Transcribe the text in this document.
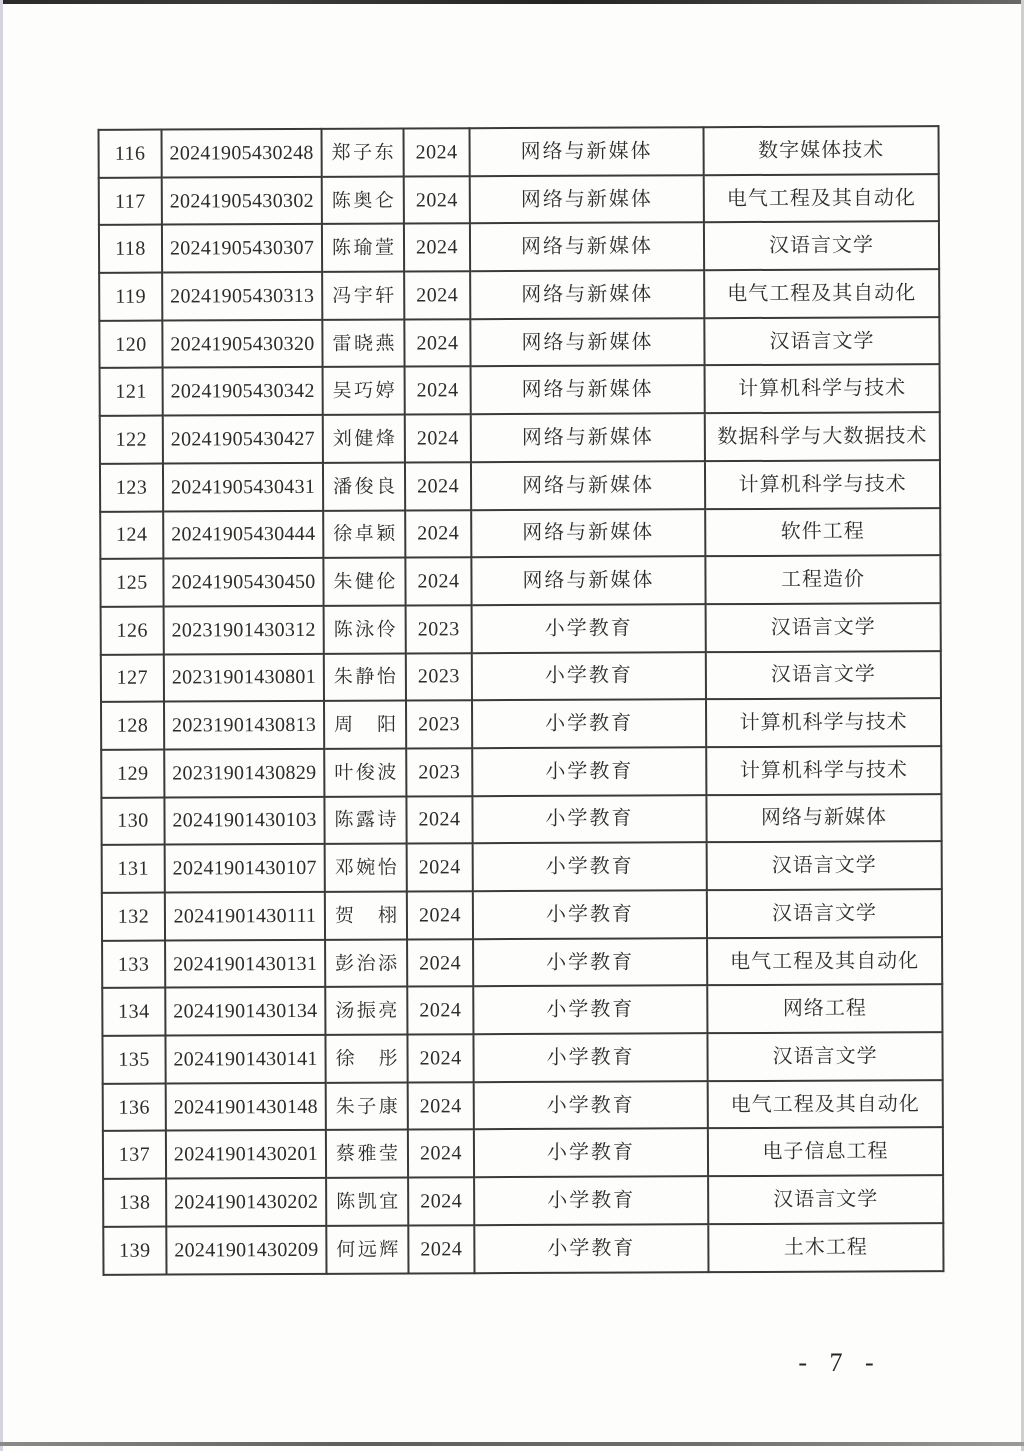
116	20241905430248	郑子东	2024	网络与新媒体	数字媒体技术
117	20241905430302	陈奥仑	2024	网络与新媒体	电气工程及其自动化
118	20241905430307	陈瑜萱	2024	网络与新媒体	汉语言文学
119	20241905430313	冯宇轩	2024	网络与新媒体	电气工程及其自动化
120	20241905430320	雷晓燕	2024	网络与新媒体	汉语言文学
121	20241905430342	吴巧婷	2024	网络与新媒体	计算机科学与技术
122	20241905430427	刘健烽	2024	网络与新媒体	数据科学与大数据技术
123	20241905430431	潘俊良	2024	网络与新媒体	计算机科学与技术
124	20241905430444	徐卓颖	2024	网络与新媒体	软件工程
125	20241905430450	朱健伦	2024	网络与新媒体	工程造价
126	20231901430312	陈泳伶	2023	小学教育	汉语言文学
127	20231901430801	朱静怡	2023	小学教育	汉语言文学
128	20231901430813	周阳	2023	小学教育	计算机科学与技术
129	20231901430829	叶俊波	2023	小学教育	计算机科学与技术
130	20241901430103	陈露诗	2024	小学教育	网络与新媒体
131	20241901430107	邓婉怡	2024	小学教育	汉语言文学
132	20241901430111	贺栩	2024	小学教育	汉语言文学
133	20241901430131	彭治添	2024	小学教育	电气工程及其自动化
134	20241901430134	汤振亮	2024	小学教育	网络工程
135	20241901430141	徐彤	2024	小学教育	汉语言文学
136	20241901430148	朱子康	2024	小学教育	电气工程及其自动化
137	20241901430201	蔡雅莹	2024	小学教育	电子信息工程
138	20241901430202	陈凯宜	2024	小学教育	汉语言文学
139	20241901430209	何远辉	2024	小学教育	土木工程
- 7 -
